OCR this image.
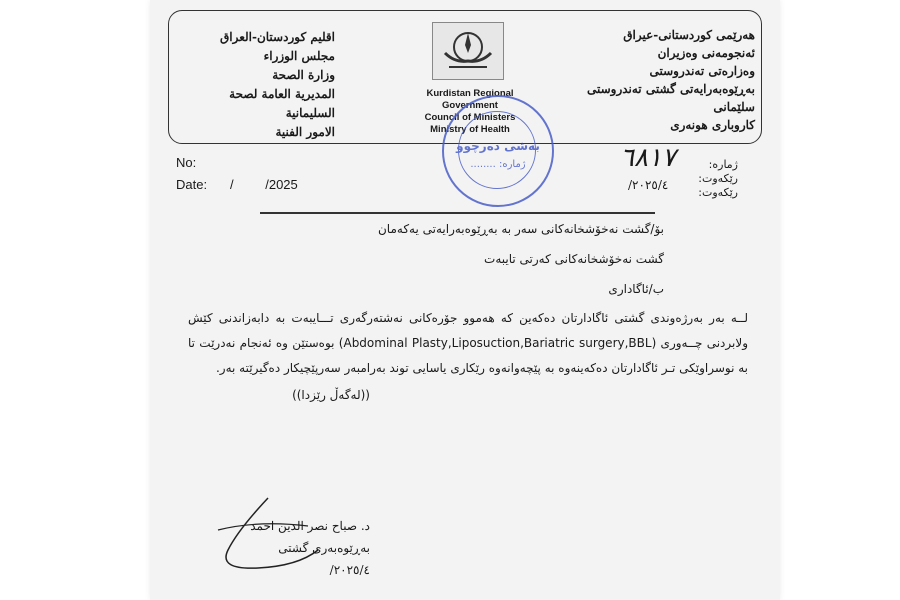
اقليم كوردستان-العراق
مجلس الوزراء
وزارة الصحة
المديرية العامة لصحة
السليمانية
الامور الفنية
Kurdistan Regional
Government
Council of Ministers
Ministry of Health
هەرێمی کوردستانی-عیراق
ئەنجومەنی وەزیران
وەزارەتی تەندروستی
بەڕێوەبەرایەتی گشتی تەندروستی
سلێمانی
کاروباری هونەری
بەشی دەرچوو
ژمارە: ........
No:
Date: / /2025
٦٨١٧
٢٠٢٥/٤/
ژمارە:
رێکەوت:
رێکەوت:
بۆ/گشت نەخۆشخانەکانی سەر بە بەڕێوەبەرایەتی یەکەمان
گشت نەخۆشخانەکانی کەرتی تایبەت
ب/ئاگاداری
لــە بەر بەرژەوندی گشتی ئاگادارتان دەکەین کە هەموو جۆرەکانی نەشتەرگەری تـــایبەت بە دابەزاندنی کێش ولابردنی چــەوری (Abdominal Plasty,Liposuction,Bariatric surgery,BBL) بوەستێن وە ئەنجام نەدرێت تا بە نوسراوێکی تـر ئاگادارتان دەکەینەوە بە پێچەوانەوە رێکاری یاسایی توند بەرامبەر سەرپێچیکار دەگیرێتە بەر.
((لەگەڵ رێزدا))
د. صباح نصر الدين احمد
بەڕێوەبەری گشتی
٢٠٢٥/٤/
